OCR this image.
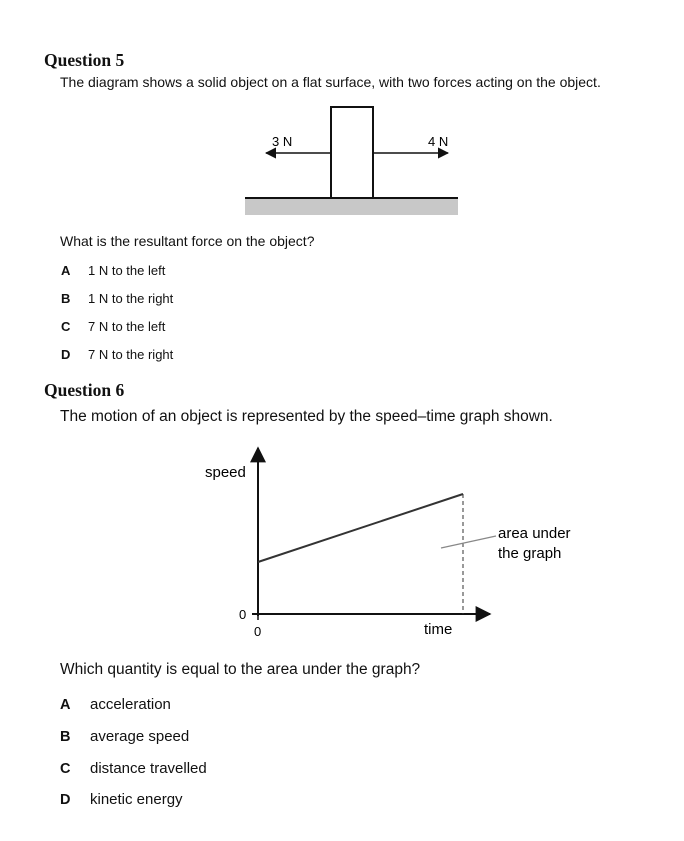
Question 5
The diagram shows a solid object on a flat surface, with two forces acting on the object.
3 N	4 N
What is the resultant force on the object?
A 1 N to the left
B 1 N to the right
C 7 N to the left
D 7 N to the right
Question 6
The motion of an object is represented by the speed–time graph shown.
speed
time
0
0
area under
the graph
Which quantity is equal to the area under the graph?
A acceleration
B average speed
C distance travelled
D kinetic energy
